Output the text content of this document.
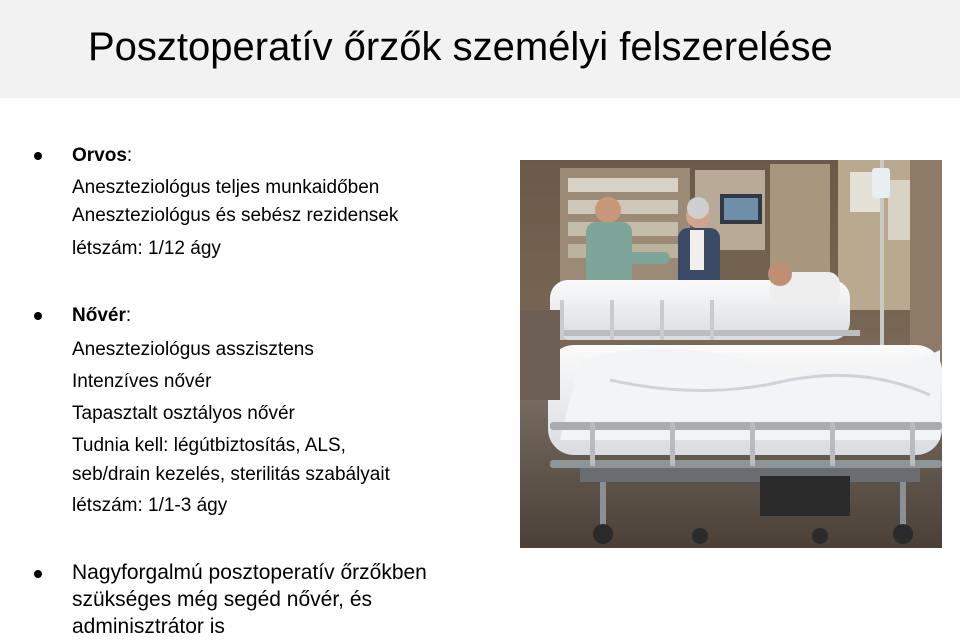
Posztoperatív őrzők személyi felszerelése
Orvos:
Aneszteziológus teljes munkaidőben
Aneszteziológus és sebész rezidensek
létszám: 1/12 ágy
Nővér:
Aneszteziológus asszisztens
Intenzíves nővér
Tapasztalt osztályos nővér
Tudnia kell: légútbiztosítás, ALS,
seb/drain kezelés, sterilitás szabályait
létszám: 1/1-3 ágy
Nagyforgalmú posztoperatív őrzőkben
szükséges még segéd nővér, és
adminisztrátor is
